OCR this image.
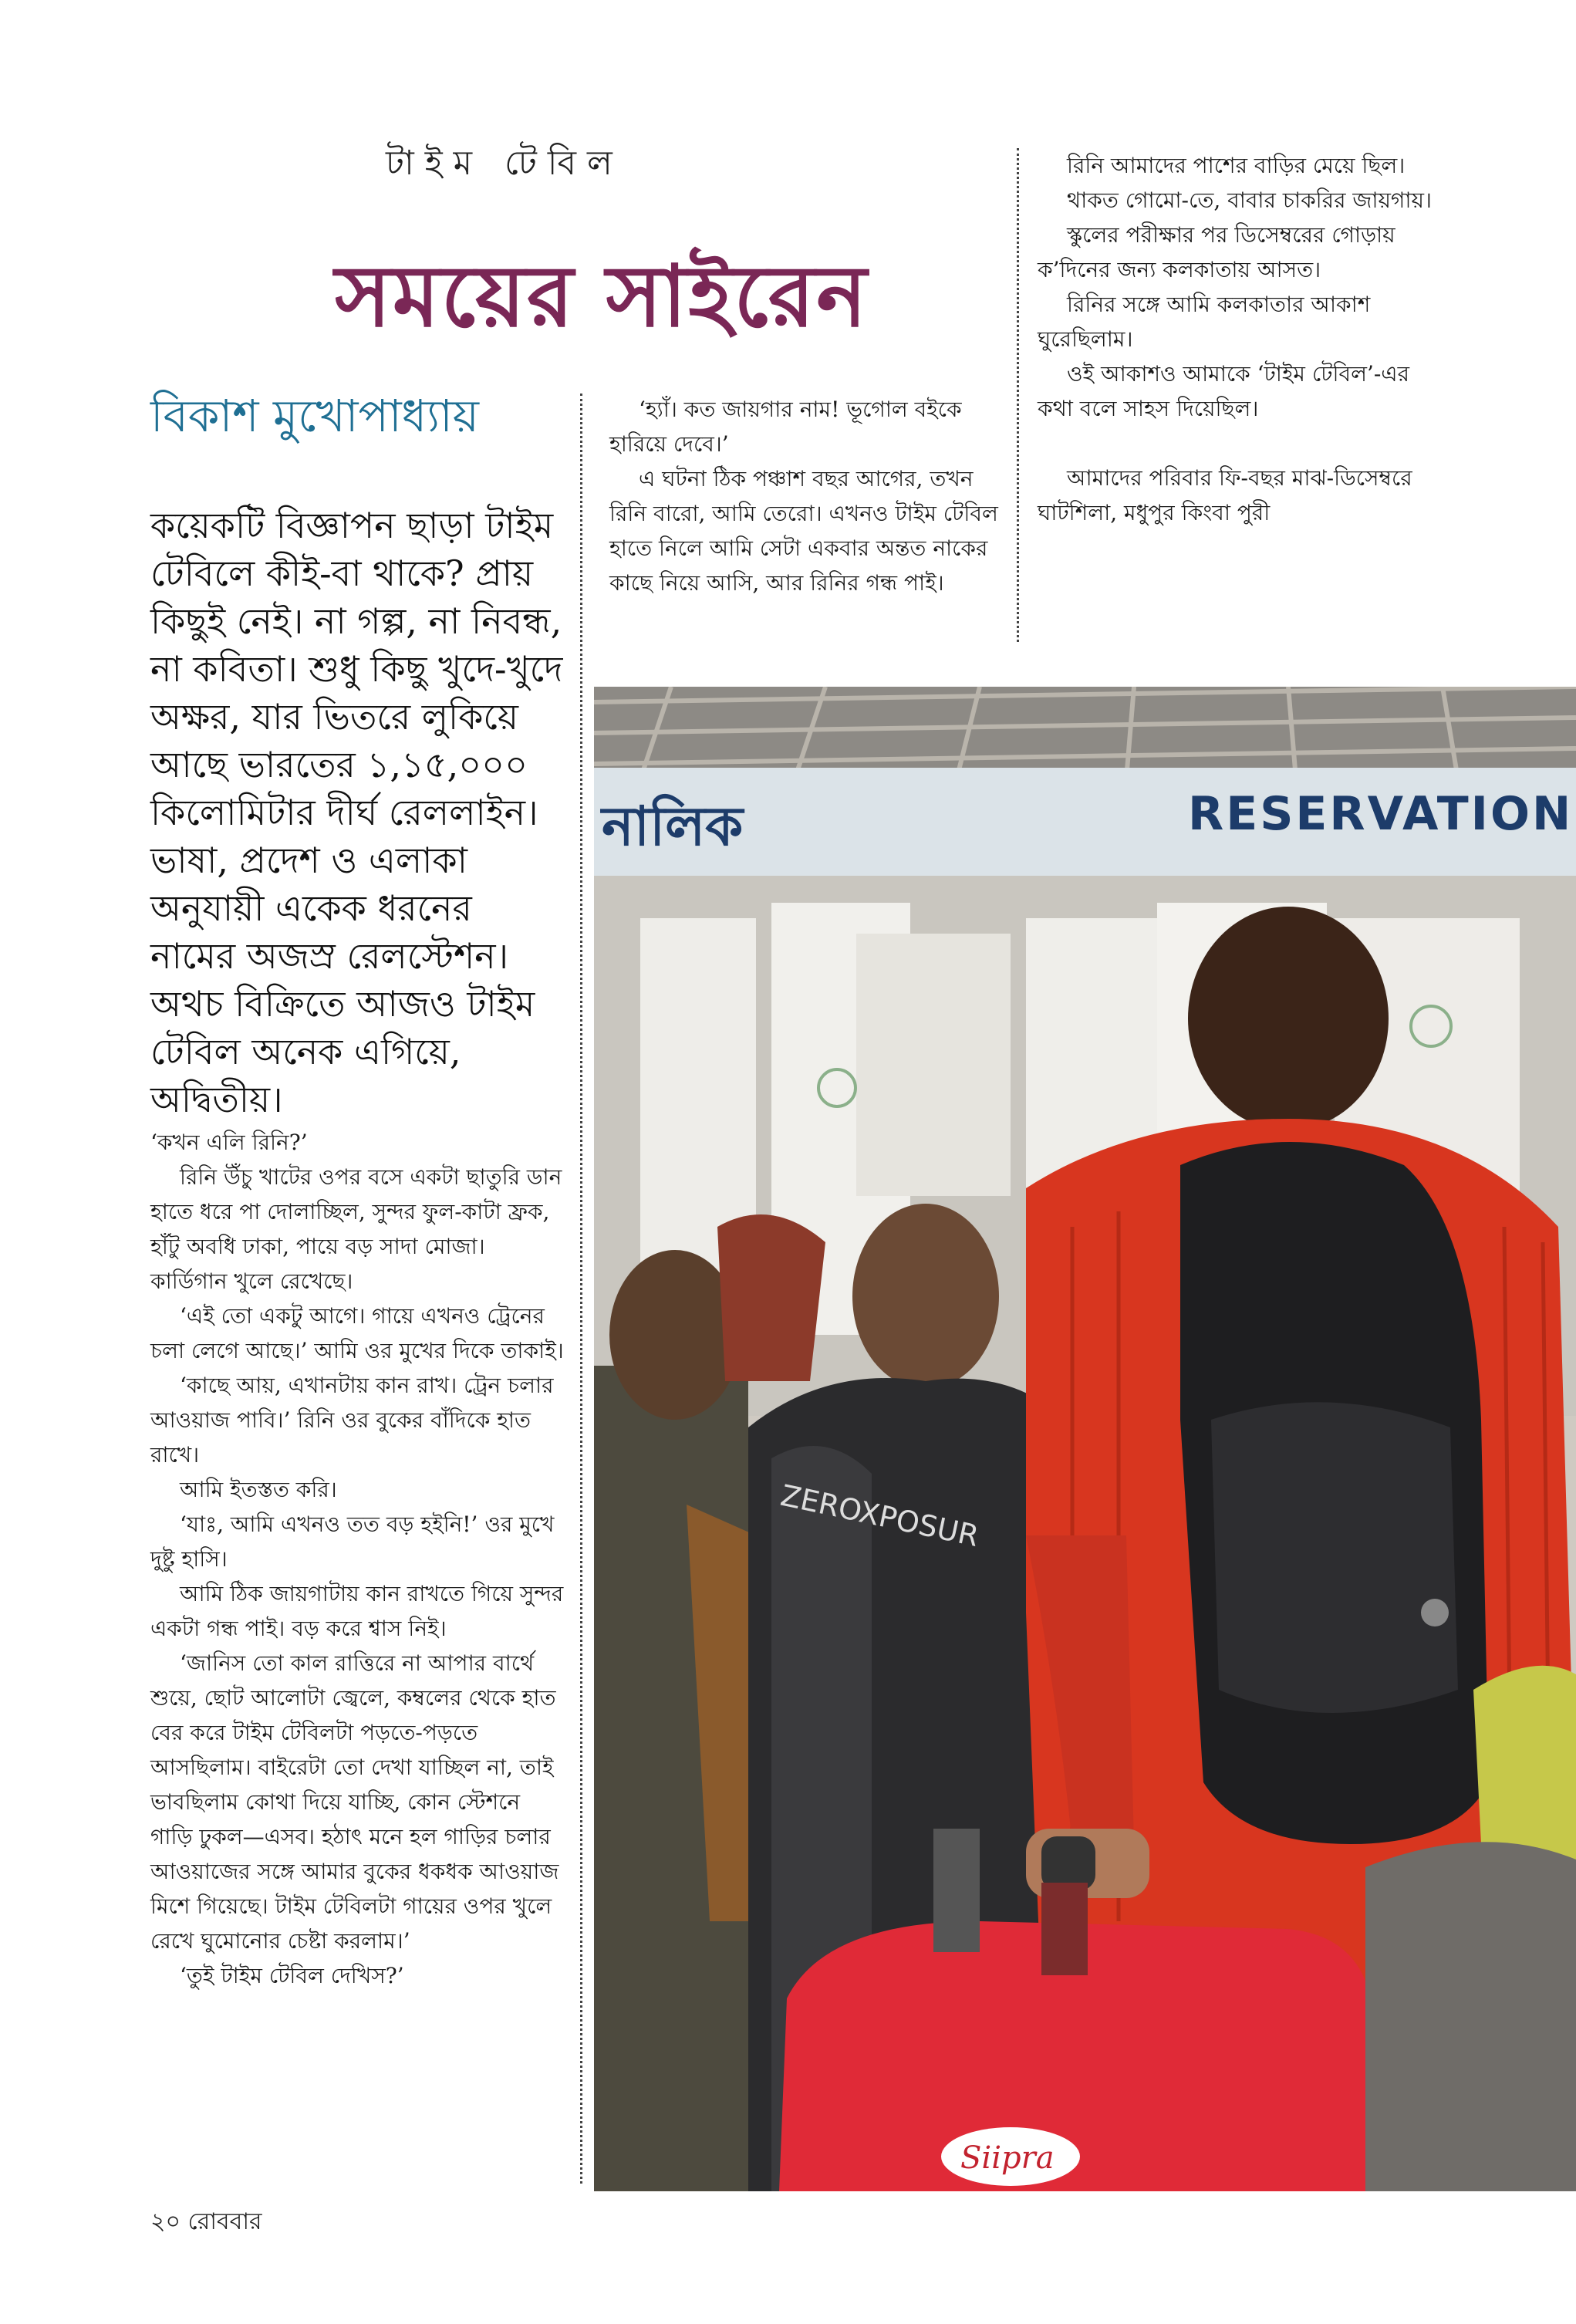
টাইম টেবিল
সময়ের সাইরেন
বিকাশ মুখোপাধ্যায়
কয়েকটি বিজ্ঞাপন ছাড়া টাইম টেবিলে কীই-বা থাকে? প্রায় কিছুই নেই। না গল্প, না নিবন্ধ, না কবিতা। শুধু কিছু খুদে-খুদে অক্ষর, যার ভিতরে লুকিয়ে আছে ভারতের ১,১৫,০০০ কিলোমিটার দীর্ঘ রেললাইন। ভাষা, প্রদেশ ও এলাকা অনুযায়ী একেক ধরনের নামের অজস্র রেলস্টেশন। অথচ বিক্রিতে আজও টাইম টেবিল অনেক এগিয়ে, অদ্বিতীয়।

‘কখন এলি রিনি?’

রিনি উঁচু খাটের ওপর বসে একটা ছাতুরি ডান হাতে ধরে পা দোলাচ্ছিল, সুন্দর ফুল-কাটা ফ্রক, হাঁটু অবধি ঢাকা, পায়ে বড় সাদা মোজা। কার্ডিগান খুলে রেখেছে।

‘এই তো একটু আগে। গায়ে এখনও ট্রেনের চলা লেগে আছে।’ আমি ওর মুখের দিকে তাকাই।

‘কাছে আয়, এখানটায় কান রাখ। ট্রেন চলার আওয়াজ পাবি।’ রিনি ওর বুকের বাঁদিকে হাত রাখে।

আমি ইতস্তত করি।

‘যাঃ, আমি এখনও তত বড় হইনি!’ ওর মুখে দুষ্টু হাসি।

আমি ঠিক জায়গাটায় কান রাখতে গিয়ে সুন্দর একটা গন্ধ পাই। বড় করে শ্বাস নিই।

‘জানিস তো কাল রাত্তিরে না আপার বার্থে শুয়ে, ছোট আলোটা জ্বেলে, কম্বলের থেকে হাত বের করে টাইম টেবিলটা পড়তে-পড়তে আসছিলাম। বাইরেটা তো দেখা যাচ্ছিল না, তাই ভাবছিলাম কোথা দিয়ে যাচ্ছি, কোন স্টেশনে গাড়ি ঢুকল—এসব। হঠাৎ মনে হল গাড়ির চলার আওয়াজের সঙ্গে আমার বুকের ধকধক আওয়াজ মিশে গিয়েছে। টাইম টেবিলটা গায়ের ওপর খুলে রেখে ঘুমোনোর চেষ্টা করলাম।’

‘তুই টাইম টেবিল দেখিস?’

‘হ্যাঁ। কত জায়গার নাম! ভূগোল বইকে হারিয়ে দেবে।’

এ ঘটনা ঠিক পঞ্চাশ বছর আগের, তখন রিনি বারো, আমি তেরো। এখনও টাইম টেবিল হাতে নিলে আমি সেটা একবার অন্তত নাকের কাছে নিয়ে আসি, আর রিনির গন্ধ পাই।

রিনি আমাদের পাশের বাড়ির মেয়ে ছিল।

থাকত গোমো-তে, বাবার চাকরির জায়গায়।

স্কুলের পরীক্ষার পর ডিসেম্বরের গোড়ায় ক’দিনের জন্য কলকাতায় আসত।

রিনির সঙ্গে আমি কলকাতার আকাশ ঘুরেছিলাম।

ওই আকাশও আমাকে ‘টাইম টেবিল’-এর কথা বলে সাহস দিয়েছিল।

আমাদের পরিবার ফি-বছর মাঝ-ডিসেম্বরে ঘাটশিলা, মধুপুর কিংবা পুরী

নালিক	RESERVATION
ZEROXPOSUR
Siipra
২০ রোববার
